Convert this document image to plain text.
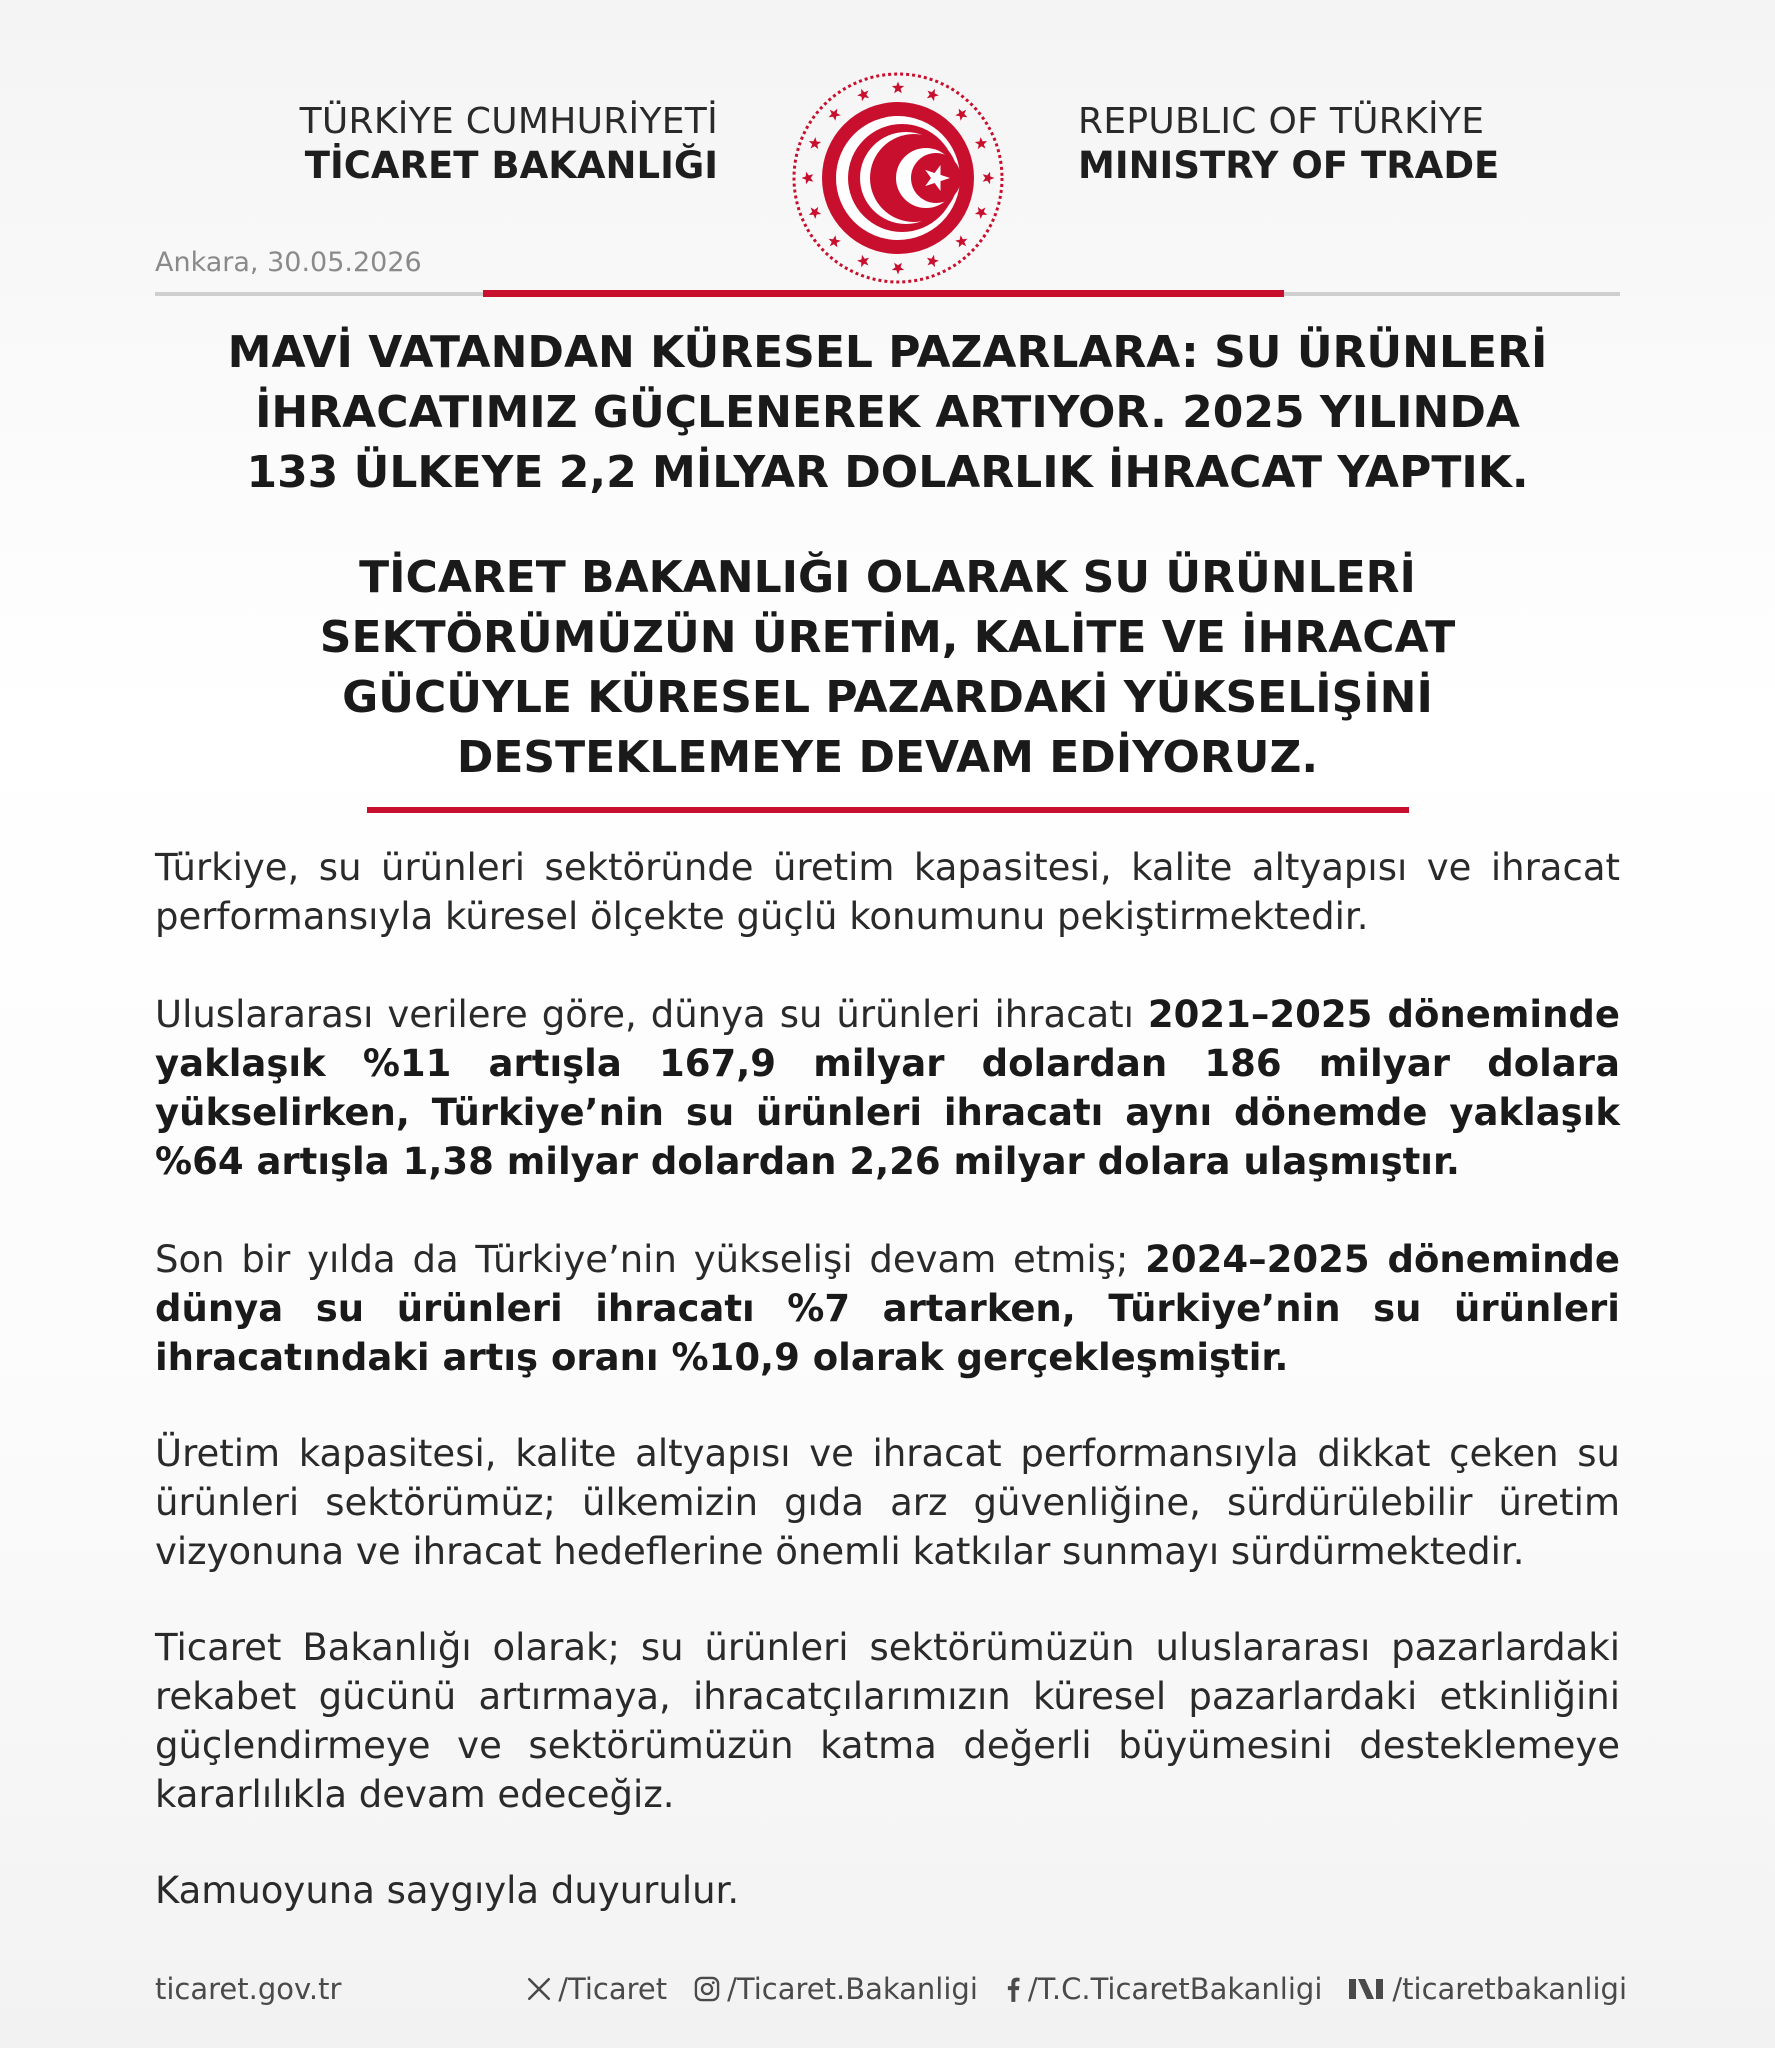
TÜRKİYE CUMHURİYETİ
TİCARET BAKANLIĞI
REPUBLIC OF TÜRKİYE
MINISTRY OF TRADE
Ankara, 30.05.2026
MAVİ VATANDAN KÜRESEL PAZARLARA: SU ÜRÜNLERİ
İHRACATIMIZ GÜÇLENEREK ARTIYOR. 2025 YILINDA
133 ÜLKEYE 2,2 MİLYAR DOLARLIK İHRACAT YAPTIK.
TİCARET BAKANLIĞI OLARAK SU ÜRÜNLERİ
SEKTÖRÜMÜZÜN ÜRETİM, KALİTE VE İHRACAT
GÜCÜYLE KÜRESEL PAZARDAKİ YÜKSELİŞİNİ
DESTEKLEMEYE DEVAM EDİYORUZ.
Türkiye, su ürünleri sektöründe üretim kapasitesi, kalite altyapısı ve ihracat performansıyla küresel ölçekte güçlü konumunu pekiştirmektedir.
Uluslararası verilere göre, dünya su ürünleri ihracatı 2021–2025 döneminde yaklaşık %11 artışla 167,9 milyar dolardan 186 milyar dolara yükselirken, Türkiye’nin su ürünleri ihracatı aynı dönemde yaklaşık %64 artışla 1,38 milyar dolardan 2,26 milyar dolara ulaşmıştır.
Son bir yılda da Türkiye’nin yükselişi devam etmiş; 2024–2025 döneminde dünya su ürünleri ihracatı %7 artarken, Türkiye’nin su ürünleri ihracatındaki artış oranı %10,9 olarak gerçekleşmiştir.
Üretim kapasitesi, kalite altyapısı ve ihracat performansıyla dikkat çeken su ürünleri sektörümüz; ülkemizin gıda arz güvenliğine, sürdürülebilir üretim vizyonuna ve ihracat hedeflerine önemli katkılar sunmayı sürdürmektedir.
Ticaret Bakanlığı olarak; su ürünleri sektörümüzün uluslararası pazarlardaki rekabet gücünü artırmaya, ihracatçılarımızın küresel pazarlardaki etkinliğini güçlendirmeye ve sektörümüzün katma değerli büyümesini desteklemeye kararlılıkla devam edeceğiz.
Kamuoyuna saygıyla duyurulur.
ticaret.gov.tr	/Ticaret /Ticaret.Bakanligi /T.C.TicaretBakanligi /ticaretbakanligi
